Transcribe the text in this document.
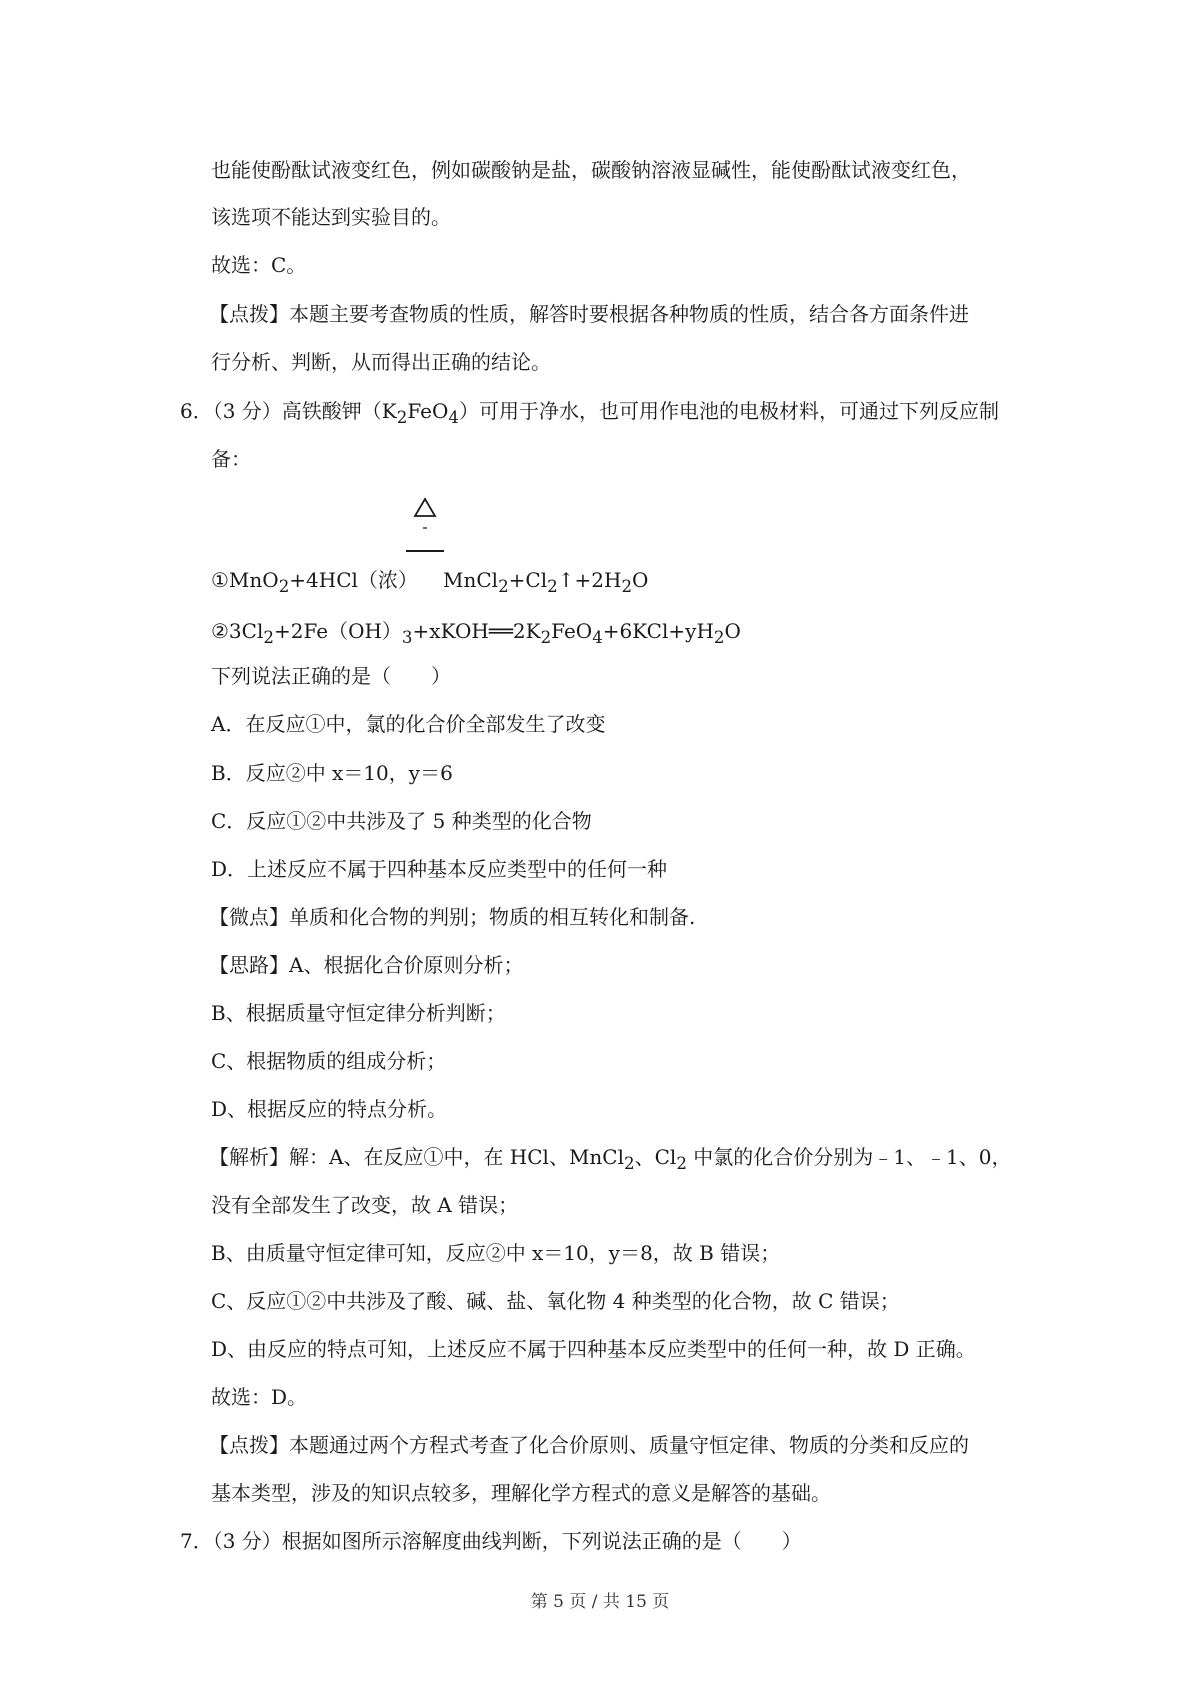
也能使酚酞试液变红色，例如碳酸钠是盐，碳酸钠溶液显碱性，能使酚酞试液变红色，
该选项不能达到实验目的。
故选：C。
【点拨】本题主要考查物质的性质，解答时要根据各种物质的性质，结合各方面条件进
行分析、判断，从而得出正确的结论。
6．（3 分）高铁酸钾$(K_2FeO_4)$可用于净水，也可用作电池的电极材料，可通过下列反应制
备：
①MnO$_2$+4HCl（浓） $MnCl_2+Cl_2↑+2H_2O$
$②3Cl_2+2Fe(OH)_3+xKOH══2K_2FeO_4+6KCl+yH_2O$
下列说法正确的是（　　）
A．在反应①中，氯的化合价全部发生了改变
B．反应②中 x＝10，y＝6
C．反应①②中共涉及了 5 种类型的化合物
D．上述反应不属于四种基本反应类型中的任何一种
【微点】单质和化合物的判别；物质的相互转化和制备.
【思路】A、根据化合价原则分析；
B、根据质量守恒定律分析判断；
C、根据物质的组成分析；
D、根据反应的特点分析。
【解析】解：A、在反应①中，在 HCl、MnCl$_2$、$Cl_2$ 中氯的化合价分别为﹣1、﹣1、0，
没有全部发生了改变，故 A 错误；
B、由质量守恒定律可知，反应②中 x＝10，y＝8，故 B 错误；
C、反应①②中共涉及了酸、碱、盐、氧化物 4 种类型的化合物，故 C 错误；
D、由反应的特点可知，上述反应不属于四种基本反应类型中的任何一种，故 D 正确。
故选：D。
【点拨】本题通过两个方程式考查了化合价原则、质量守恒定律、物质的分类和反应的
基本类型，涉及的知识点较多，理解化学方程式的意义是解答的基础。
7．（3 分）根据如图所示溶解度曲线判断，下列说法正确的是（　　）
第 5 页 / 共 15 页
